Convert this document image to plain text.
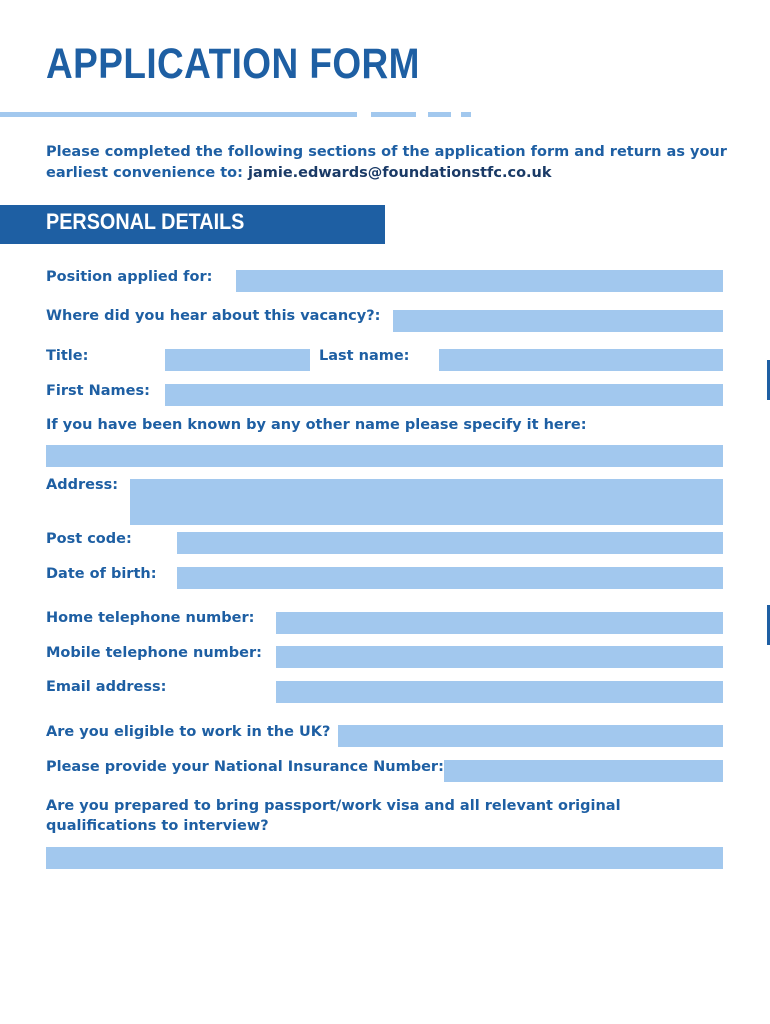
APPLICATION FORM
Please completed the following sections of the application form and return as your earliest convenience to: jamie.edwards@foundationstfc.co.uk
PERSONAL DETAILS
Position applied for:
Where did you hear about this vacancy?:
Title:	Last name:
First Names:
If you have been known by any other name please specify it here:
Address:
Post code:
Date of birth:
Home telephone number:
Mobile telephone number:
Email address:
Are you eligible to work in the UK?
Please provide your National Insurance Number:
Are you prepared to bring passport/work visa and all relevant original qualifications to interview?
